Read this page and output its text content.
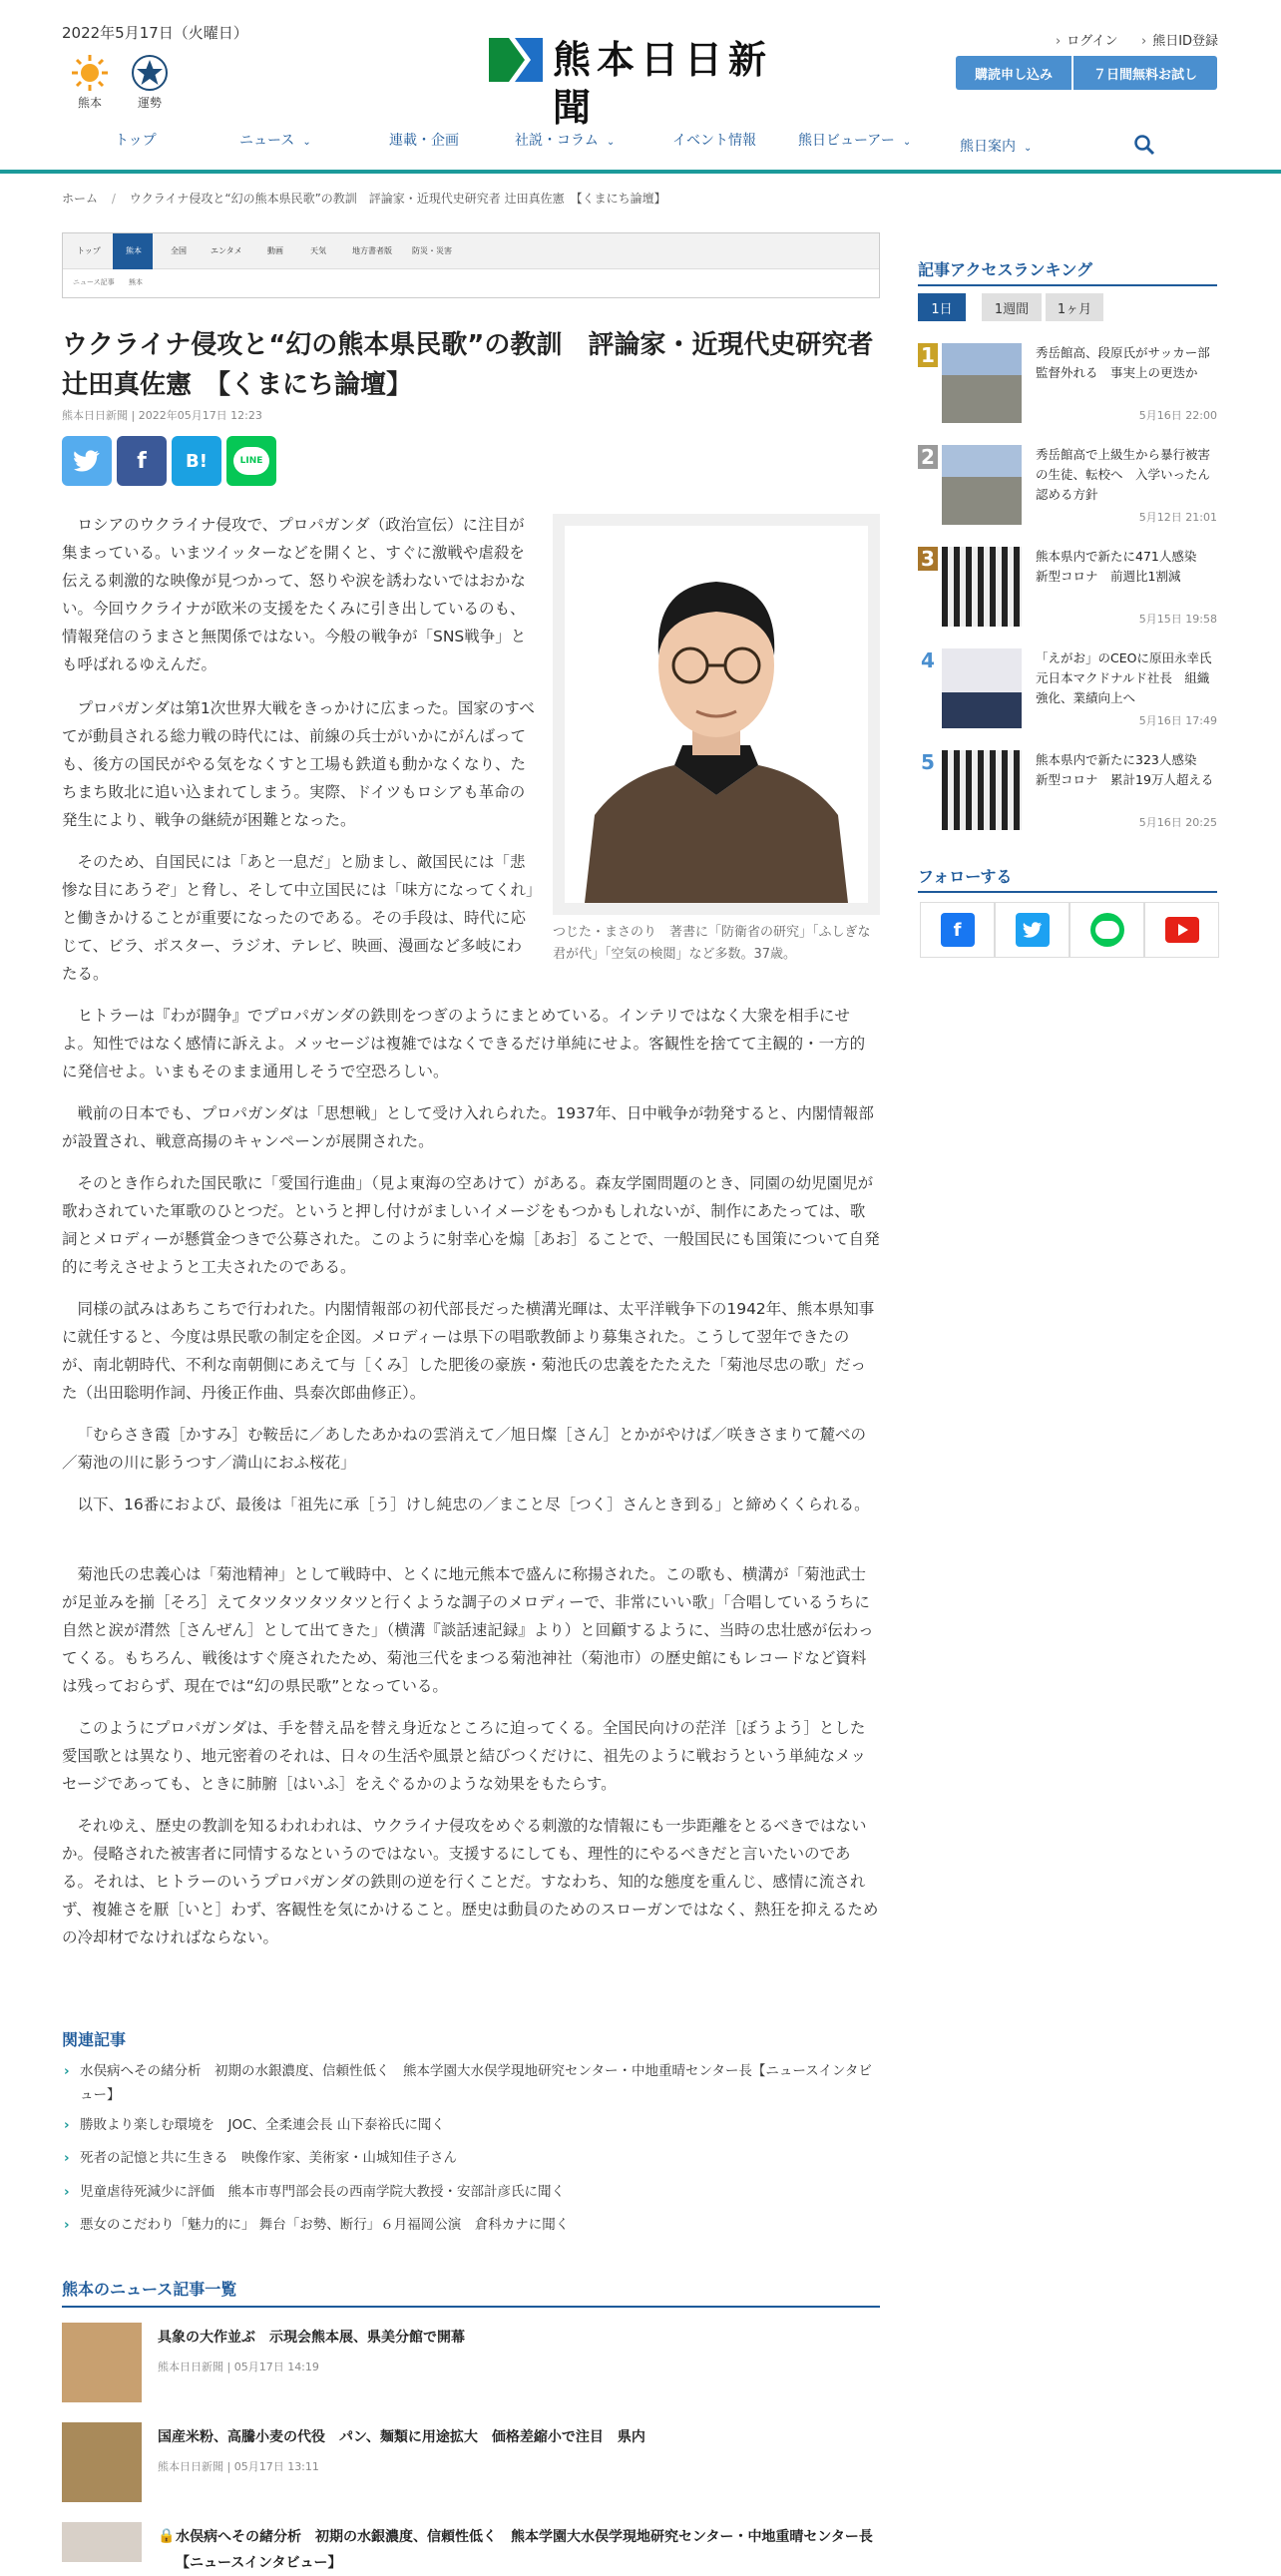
2022年5月17日（火曜日）
熊本	運勢
熊本日日新聞
› ログイン
›	熊日ID登録
購読申し込み	７日間無料お試し
トップ	ニュース ⌄	連載・企画	社説・コラム ⌄	イベント情報	熊日ビューアー ⌄	熊日案内 ⌄
ホーム / ウクライナ侵攻と“幻の熊本県民歌”の教訓　評論家・近現代史研究者 辻田真佐憲　【くまにち論壇】
トップ	熊本	全国	エンタメ	動画	天気	地方書者版	防災・災害
ニュース記事 熊本
ウクライナ侵攻と“幻の熊本県民歌”の教訓　評論家・近現代史研究者　辻田真佐憲　【くまにち論壇】
熊本日日新聞 | 2022年05月17日 12:23
f B!	LINE
つじた・まさのり　著書に「防衛省の研究」「ふしぎな君が代」「空気の検閲」など多数。37歳。

ロシアのウクライナ侵攻で、プロパガンダ（政治宣伝）に注目が集まっている。いまツイッターなどを開くと、すぐに激戦や虐殺を伝える刺激的な映像が見つかって、怒りや涙を誘わないではおかない。今回ウクライナが欧米の支援をたくみに引き出しているのも、情報発信のうまさと無関係ではない。今般の戦争が「SNS戦争」とも呼ばれるゆえんだ。

プロパガンダは第1次世界大戦をきっかけに広まった。国家のすべてが動員される総力戦の時代には、前線の兵士がいかにがんばっても、後方の国民がやる気をなくすと工場も鉄道も動かなくなり、たちまち敗北に追い込まれてしまう。実際、ドイツもロシアも革命の発生により、戦争の継続が困難となった。

そのため、自国民には「あと一息だ」と励まし、敵国民には「悲惨な目にあうぞ」と脅し、そして中立国民には「味方になってくれ」と働きかけることが重要になったのである。その手段は、時代に応じて、ビラ、ポスター、ラジオ、テレビ、映画、漫画など多岐にわたる。

ヒトラーは『わが闘争』でプロパガンダの鉄則をつぎのようにまとめている。インテリではなく大衆を相手にせよ。知性ではなく感情に訴えよ。メッセージは複雑ではなくできるだけ単純にせよ。客観性を捨てて主観的・一方的に発信せよ。いまもそのまま通用しそうで空恐ろしい。

戦前の日本でも、プロパガンダは「思想戦」として受け入れられた。1937年、日中戦争が勃発すると、内閣情報部が設置され、戦意高揚のキャンペーンが展開された。

そのとき作られた国民歌に「愛国行進曲」（見よ東海の空あけて）がある。森友学園問題のとき、同園の幼児園児が歌わされていた軍歌のひとつだ。というと押し付けがましいイメージをもつかもしれないが、制作にあたっては、歌詞とメロディーが懸賞金つきで公募された。このように射幸心を煽［あお］ることで、一般国民にも国策について自発的に考えさせようと工夫されたのである。

同様の試みはあちこちで行われた。内閣情報部の初代部長だった横溝光暉は、太平洋戦争下の1942年、熊本県知事に就任すると、今度は県民歌の制定を企図。メロディーは県下の唱歌教師より募集された。こうして翌年できたのが、南北朝時代、不利な南朝側にあえて与［くみ］した肥後の豪族・菊池氏の忠義をたたえた「菊池尽忠の歌」だった（出田聡明作詞、丹後正作曲、呉泰次郎曲修正）。

「むらさき霞［かすみ］む鞍岳に／あしたあかねの雲消えて／旭日燦［さん］とかがやけば／咲きさまりて麓べの／菊池の川に影うつす／満山におふ桜花」

以下、16番におよび、最後は「祖先に承［う］けし純忠の／まこと尽［つく］さんとき到る」と締めくくられる。

菊池氏の忠義心は「菊池精神」として戦時中、とくに地元熊本で盛んに称揚された。この歌も、横溝が「菊池武士が足並みを揃［そろ］えてタツタツタツタツと行くような調子のメロディーで、非常にいい歌」「合唱しているうちに自然と涙が潸然［さんぜん］として出てきた」（横溝『談話速記録』より）と回顧するように、当時の忠壮感が伝わってくる。もちろん、戦後はすぐ廃されたため、菊池三代をまつる菊池神社（菊池市）の歴史館にもレコードなど資料は残っておらず、現在では“幻の県民歌”となっている。

このようにプロパガンダは、手を替え品を替え身近なところに迫ってくる。全国民向けの茫洋［ぼうよう］とした愛国歌とは異なり、地元密着のそれは、日々の生活や風景と結びつくだけに、祖先のように戦おうという単純なメッセージであっても、ときに肺腑［はいふ］をえぐるかのような効果をもたらす。

それゆえ、歴史の教訓を知るわれわれは、ウクライナ侵攻をめぐる刺激的な情報にも一歩距離をとるべきではないか。侵略された被害者に同情するなというのではない。支援するにしても、理性的にやるべきだと言いたいのである。それは、ヒトラーのいうプロパガンダの鉄則の逆を行くことだ。すなわち、知的な態度を重んじ、感情に流されず、複雑さを厭［いと］わず、客観性を気にかけること。歴史は動員のためのスローガンではなく、熱狂を抑えるための冷却材でなければならない。

関連記事
› 水俣病へその緒分析　初期の水銀濃度、信頼性低く　熊本学園大水俣学現地研究センター・中地重晴センター長【ニュースインタビュー】
› 勝敗より楽しむ環境を　JOC、全柔連会長 山下泰裕氏に聞く
› 死者の記憶と共に生きる　映像作家、美術家・山城知佳子さん
› 児童虐待死減少に評価　熊本市専門部会長の西南学院大教授・安部計彦氏に聞く
› 悪女のこだわり「魅力的に」 舞台「お勢、断行」６月福岡公演　倉科カナに聞く
熊本のニュース記事一覧
具象の大作並ぶ　示現会熊本展、県美分館で開幕
熊本日日新聞 | 05月17日 14:19
国産米粉、高騰小麦の代役　パン、麺類に用途拡大　価格差縮小で注目　県内
熊本日日新聞 | 05月17日 13:11
🔒 水俣病へその緒分析　初期の水銀濃度、信頼性低く　熊本学園大水俣学現地研究センター・中地重晴センター長【ニュースインタビュー】
記事アクセスランキング
1日	1週間	1ヶ月
1	秀岳館高、段原氏がサッカー部監督外れる　事実上の更迭か
5月16日 22:00
2	秀岳館高で上級生から暴行被害の生徒、転校へ　入学いったん認める方針
5月12日 21:01
3	熊本県内で新たに471人感染　新型コロナ　前週比1割減
5月15日 19:58
4	「えがお」のCEOに原田永幸氏　元日本マクドナルド社長　組織強化、業績向上へ
5月16日 17:49
5	熊本県内で新たに323人感染　新型コロナ　累計19万人超える
5月16日 20:25
フォローする
f
